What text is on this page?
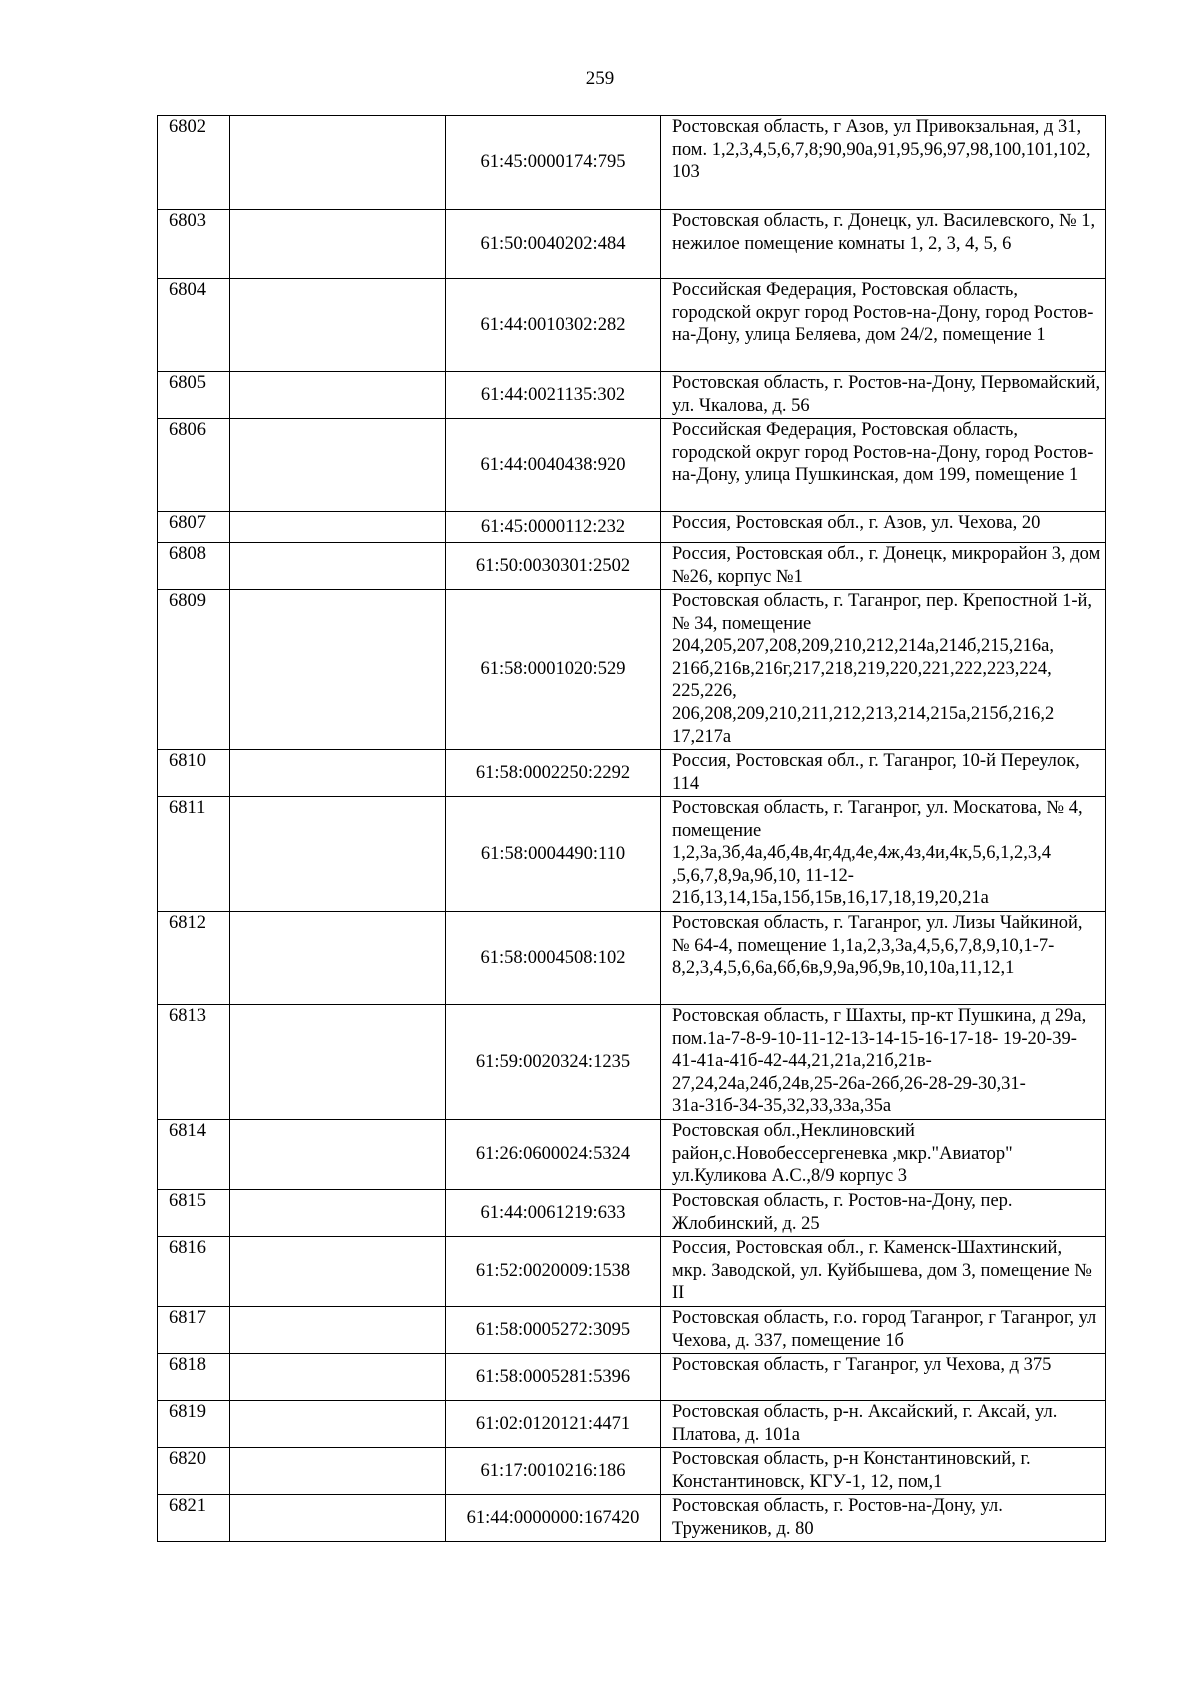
259
6802		61:45:0000174:795	Ростовская область, г Азов, ул Привокзальная, д 31, пом. 1,2,3,4,5,6,7,8;90,90а,91,95,96,97,98,100,101,102, 103
6803		61:50:0040202:484	Ростовская область, г. Донецк, ул. Василевского, № 1, нежилое помещение комнаты 1, 2, 3, 4, 5, 6
6804		61:44:0010302:282	Российская Федерация, Ростовская область, городской округ город Ростов-на-Дону, город Ростов-на-Дону, улица Беляева, дом 24/2, помещение 1
6805		61:44:0021135:302	Ростовская область, г. Ростов-на-Дону, Первомайский, ул. Чкалова, д. 56
6806		61:44:0040438:920	Российская Федерация, Ростовская область, городской округ город Ростов-на-Дону, город Ростов-на-Дону, улица Пушкинская, дом 199, помещение 1
6807		61:45:0000112:232	Россия, Ростовская обл., г. Азов, ул. Чехова, 20
6808		61:50:0030301:2502	Россия, Ростовская обл., г. Донецк, микрорайон 3, дом №26, корпус №1
6809		61:58:0001020:529	Ростовская область, г. Таганрог, пер. Крепостной 1-й, № 34, помещение 204,205,207,208,209,210,212,214а,214б,215,216а, 216б,216в,216г,217,218,219,220,221,222,223,224, 225,226, 206,208,209,210,211,212,213,214,215а,215б,216,2 17,217а
6810		61:58:0002250:2292	Россия, Ростовская обл., г. Таганрог, 10-й Переулок, 114
6811		61:58:0004490:110	Ростовская область, г. Таганрог, ул. Москатова, № 4, помещение 1,2,3а,3б,4а,4б,4в,4г,4д,4е,4ж,4з,4и,4к,5,6,1,2,3,4 ,5,6,7,8,9а,9б,10, 11-12- 21б,13,14,15а,15б,15в,16,17,18,19,20,21а
6812		61:58:0004508:102	Ростовская область, г. Таганрог, ул. Лизы Чайкиной, № 64-4, помещение 1,1а,2,3,3а,4,5,6,7,8,9,10,1-7- 8,2,3,4,5,6,6а,6б,6в,9,9а,9б,9в,10,10а,11,12,1
6813		61:59:0020324:1235	Ростовская область, г Шахты, пр-кт Пушкина, д 29а, пом.1а-7-8-9-10-11-12-13-14-15-16-17-18- 19-20-39-41-41а-41б-42-44,21,21а,21б,21в- 27,24,24а,24б,24в,25-26а-26б,26-28-29-30,31- 31а-31б-34-35,32,33,33а,35а
6814		61:26:0600024:5324	Ростовская обл.,Неклиновский район,с.Новобессергеневка ,мкр."Авиатор" ул.Куликова А.С.,8/9 корпус 3
6815		61:44:0061219:633	Ростовская область, г. Ростов-на-Дону, пер. Жлобинский, д. 25
6816		61:52:0020009:1538	Россия, Ростовская обл., г. Каменск-Шахтинский, мкр. Заводской, ул. Куйбышева, дом 3, помещение № II
6817		61:58:0005272:3095	Ростовская область, г.о. город Таганрог, г Таганрог, ул Чехова, д. 337, помещение 1б
6818		61:58:0005281:5396	Ростовская область, г Таганрог, ул Чехова, д 375
6819		61:02:0120121:4471	Ростовская область, р-н. Аксайский, г. Аксай, ул. Платова, д. 101а
6820		61:17:0010216:186	Ростовская область, р-н Константиновский, г. Константиновск, КГУ-1, 12, пом,1
6821		61:44:0000000:167420	Ростовская область, г. Ростов-на-Дону, ул. Тружеников, д. 80
